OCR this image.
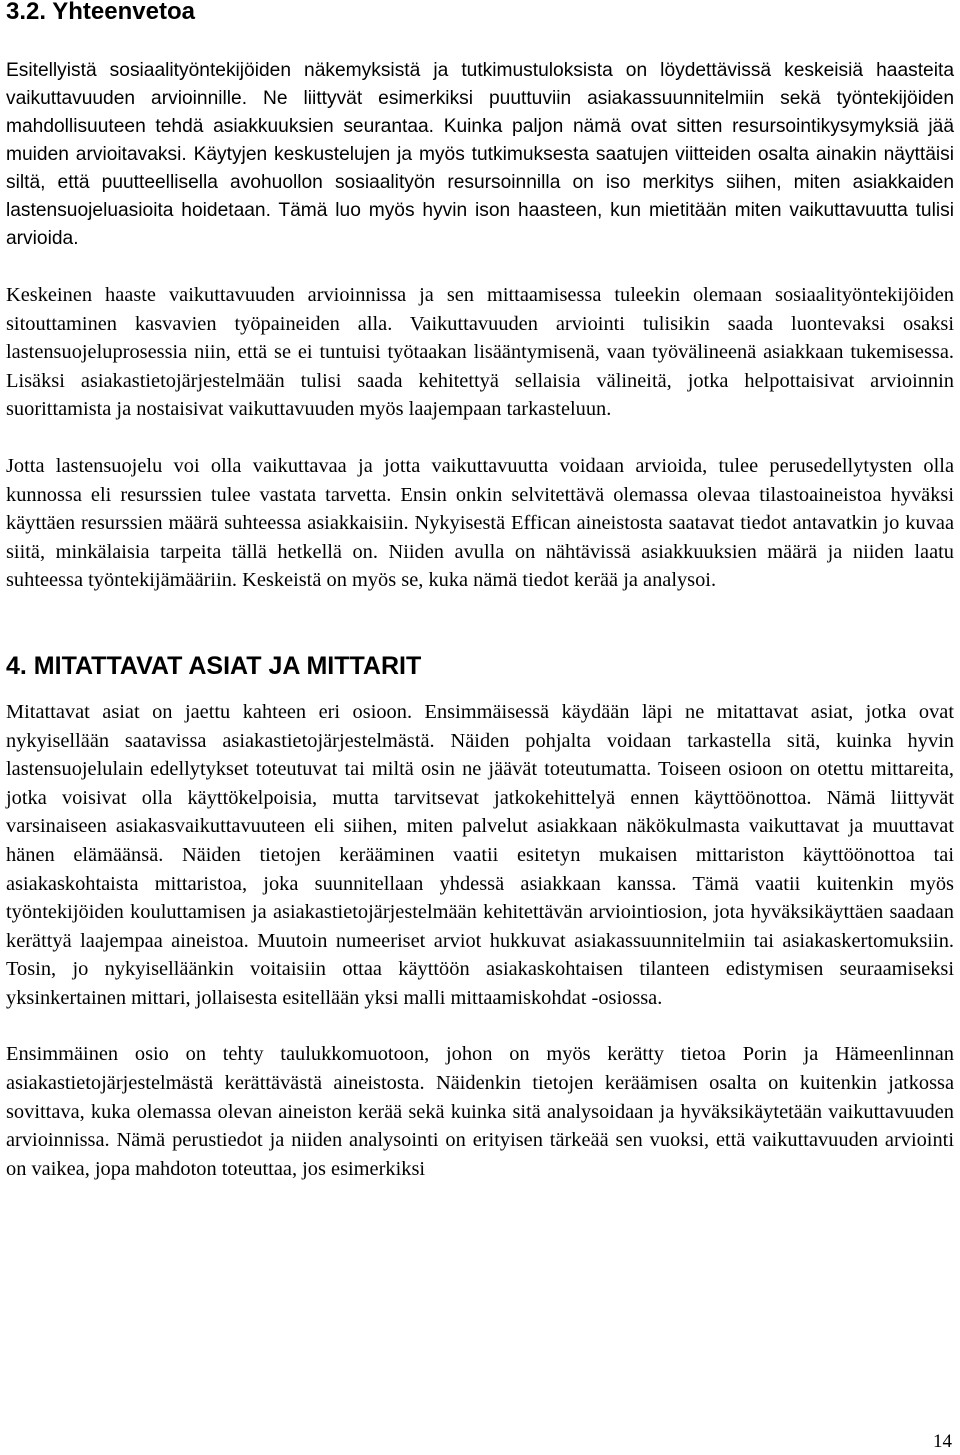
3.2. Yhteenvetoa

Esitellyistä sosiaalityöntekijöiden näkemyksistä ja tutkimustuloksista on löydettävissä keskeisiä haasteita vaikuttavuuden arvioinnille. Ne liittyvät esimerkiksi puuttuviin asiakassuunnitelmiin sekä työntekijöiden mahdollisuuteen tehdä asiakkuuksien seurantaa. Kuinka paljon nämä ovat sitten resursointikysymyksiä jää muiden arvioitavaksi. Käytyjen keskustelujen ja myös tutkimuksesta saatujen viitteiden osalta ainakin näyttäisi siltä, että puutteellisella avohuollon sosiaalityön resursoinnilla on iso merkitys siihen, miten asiakkaiden lastensuojeluasioita hoidetaan. Tämä luo myös hyvin ison haasteen, kun mietitään miten vaikuttavuutta tulisi arvioida.

Keskeinen haaste vaikuttavuuden arvioinnissa ja sen mittaamisessa tuleekin olemaan sosiaalityöntekijöiden sitouttaminen kasvavien työpaineiden alla. Vaikuttavuuden arviointi tulisikin saada luontevaksi osaksi lastensuojeluprosessia niin, että se ei tuntuisi työtaakan lisääntymisenä, vaan työvälineenä asiakkaan tukemisessa. Lisäksi asiakastietojärjestelmään tulisi saada kehitettyä sellaisia välineitä, jotka helpottaisivat arvioinnin suorittamista ja nostaisivat vaikuttavuuden myös laajempaan tarkasteluun.

Jotta lastensuojelu voi olla vaikuttavaa ja jotta vaikuttavuutta voidaan arvioida, tulee perusedellytysten olla kunnossa eli resurssien tulee vastata tarvetta. Ensin onkin selvitettävä olemassa olevaa tilastoaineistoa hyväksi käyttäen resurssien määrä suhteessa asiakkaisiin. Nykyisestä Effican aineistosta saatavat tiedot antavatkin jo kuvaa siitä, minkälaisia tarpeita tällä hetkellä on. Niiden avulla on nähtävissä asiakkuuksien määrä ja niiden laatu suhteessa työntekijämääriin. Keskeistä on myös se, kuka nämä tiedot kerää ja analysoi.

4. MITATTAVAT ASIAT JA MITTARIT

Mitattavat asiat on jaettu kahteen eri osioon. Ensimmäisessä käydään läpi ne mitattavat asiat, jotka ovat nykyisellään saatavissa asiakastietojärjestelmästä. Näiden pohjalta voidaan tarkastella sitä, kuinka hyvin lastensuojelulain edellytykset toteutuvat tai miltä osin ne jäävät toteutumatta. Toiseen osioon on otettu mittareita, jotka voisivat olla käyttökelpoisia, mutta tarvitsevat jatkokehittelyä ennen käyttöönottoa. Nämä liittyvät varsinaiseen asiakasvaikuttavuuteen eli siihen, miten palvelut asiakkaan näkökulmasta vaikuttavat ja muuttavat hänen elämäänsä. Näiden tietojen kerääminen vaatii esitetyn mukaisen mittariston käyttöönottoa tai asiakaskohtaista mittaristoa, joka suunnitellaan yhdessä asiakkaan kanssa. Tämä vaatii kuitenkin myös työntekijöiden kouluttamisen ja asiakastietojärjestelmään kehitettävän arviointiosion, jota hyväksikäyttäen saadaan kerättyä laajempaa aineistoa. Muutoin numeeriset arviot hukkuvat asiakassuunnitelmiin tai asiakaskertomuksiin. Tosin, jo nykyiselläänkin voitaisiin ottaa käyttöön asiakaskohtaisen tilanteen edistymisen seuraamiseksi yksinkertainen mittari, jollaisesta esitellään yksi malli mittaamiskohdat -osiossa.

Ensimmäinen osio on tehty taulukkomuotoon, johon on myös kerätty tietoa Porin ja Hämeenlinnan asiakastietojärjestelmästä kerättävästä aineistosta. Näidenkin tietojen keräämisen osalta on kuitenkin jatkossa sovittava, kuka olemassa olevan aineiston kerää sekä kuinka sitä analysoidaan ja hyväksikäytetään vaikuttavuuden arvioinnissa. Nämä perustiedot ja niiden analysointi on erityisen tärkeää sen vuoksi, että vaikuttavuuden arviointi on vaikea, jopa mahdoton toteuttaa, jos esimerkiksi

14
